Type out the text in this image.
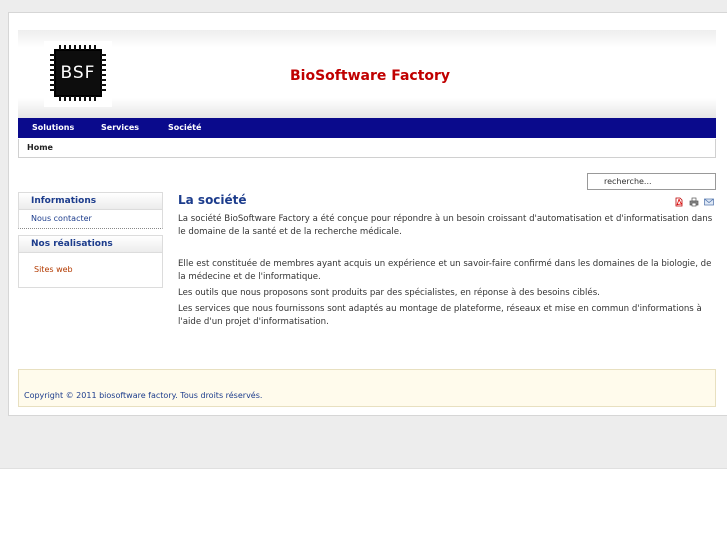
BSF	BioSoftware Factory
Solutions	Services	Société
Home
recherche...
Informations
Nous contacter
Nos réalisations
Sites web
La société
La société BioSoftware Factory a été conçue pour répondre à un besoin croissant d'automatisation et d'informatisation dans le domaine de la santé et de la recherche médicale.
Elle est constituée de membres ayant acquis un expérience et un savoir-faire confirmé dans les domaines de la biologie, de la médecine et de l'informatique.
Les outils que nous proposons sont produits par des spécialistes, en réponse à des besoins ciblés.
Les services que nous fournissons sont adaptés au montage de plateforme, réseaux et mise en commun d'informations à l'aide d'un projet d'informatisation.
Copyright © 2011 biosoftware factory. Tous droits réservés.
